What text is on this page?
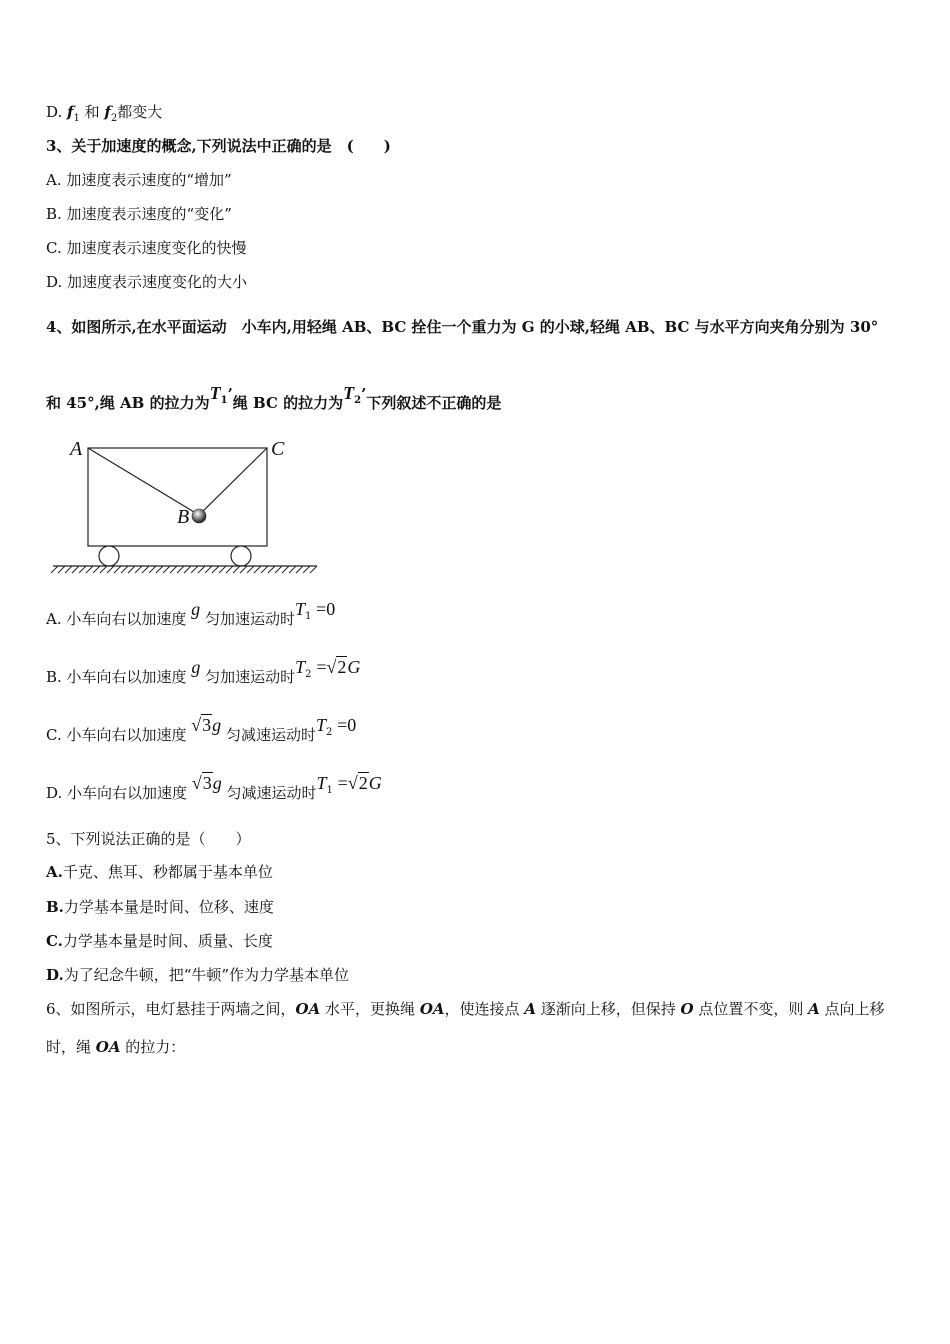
D. $f_1$ 和 $f_2$都变大
3、关于加速度的概念,下列说法中正确的是　(　　)
A. 加速度表示速度的“增加”
B. 加速度表示速度的“变化”
C. 加速度表示速度变化的快慢
D. 加速度表示速度变化的大小
4、如图所示,在水平面运动　小车内,用轻绳 AB、BC 拴住一个重力为 G 的小球,轻绳 AB、BC 与水平方向夹角分别为 30°
和 45°,绳 AB 的拉力为$T_1$’绳 BC 的拉力为$T_2$’下列叙述不正确的是
A	C
B
A. 小车向右以加速度 g 匀加速运动时$T_1 =0$
B. 小车向右以加速度 g 匀加速运动时$T_2 =√2G$
C. 小车向右以加速度 √3g 匀减速运动时$T_2 =0$
D. 小车向右以加速度 √3g 匀减速运动时$T_1 =√2G$
5、下列说法正确的是（　　）
A.千克、焦耳、秒都属于基本单位
B.力学基本量是时间、位移、速度
C.力学基本量是时间、质量、长度
D.为了纪念牛顿，把“牛顿”作为力学基本单位
6、如图所示，电灯悬挂于两墙之间，OA 水平，更换绳 OA，使连接点 A 逐渐向上移，但保持 O 点位置不变，则 A 点向上移
时，绳 OA 的拉力：
